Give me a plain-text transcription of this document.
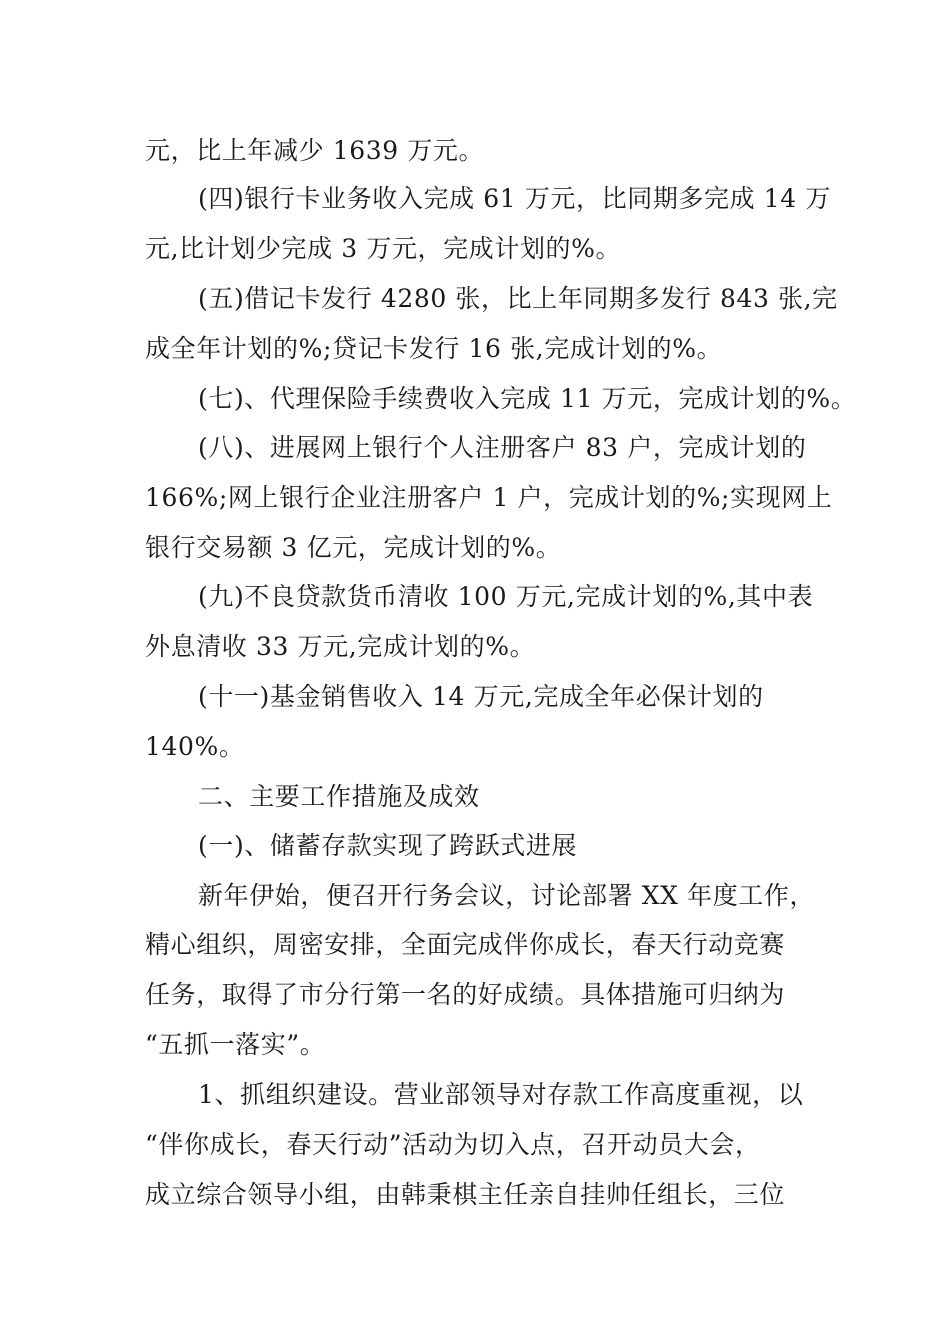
元，比上年减少 1639 万元。
(四)银行卡业务收入完成 61 万元，比同期多完成 14 万
元,比计划少完成 3 万元，完成计划的%。
(五)借记卡发行 4280 张，比上年同期多发行 843 张,完
成全年计划的%;贷记卡发行 16 张,完成计划的%。
(七)、代理保险手续费收入完成 11 万元，完成计划的%。
(八)、进展网上银行个人注册客户 83 户，完成计划的
166%;网上银行企业注册客户 1 户，完成计划的%;实现网上
银行交易额 3 亿元，完成计划的%。
(九)不良贷款货币清收 100 万元,完成计划的%,其中表
外息清收 33 万元,完成计划的%。
(十一)基金销售收入 14 万元,完成全年必保计划的
140%。
二、主要工作措施及成效
(一)、储蓄存款实现了跨跃式进展
新年伊始，便召开行务会议，讨论部署 XX 年度工作，
精心组织，周密安排，全面完成伴你成长，春天行动竞赛
任务，取得了市分行第一名的好成绩。具体措施可归纳为
“五抓一落实”。
1、抓组织建设。营业部领导对存款工作高度重视，以
“伴你成长，春天行动”活动为切入点，召开动员大会，
成立综合领导小组，由韩秉棋主任亲自挂帅任组长，三位
